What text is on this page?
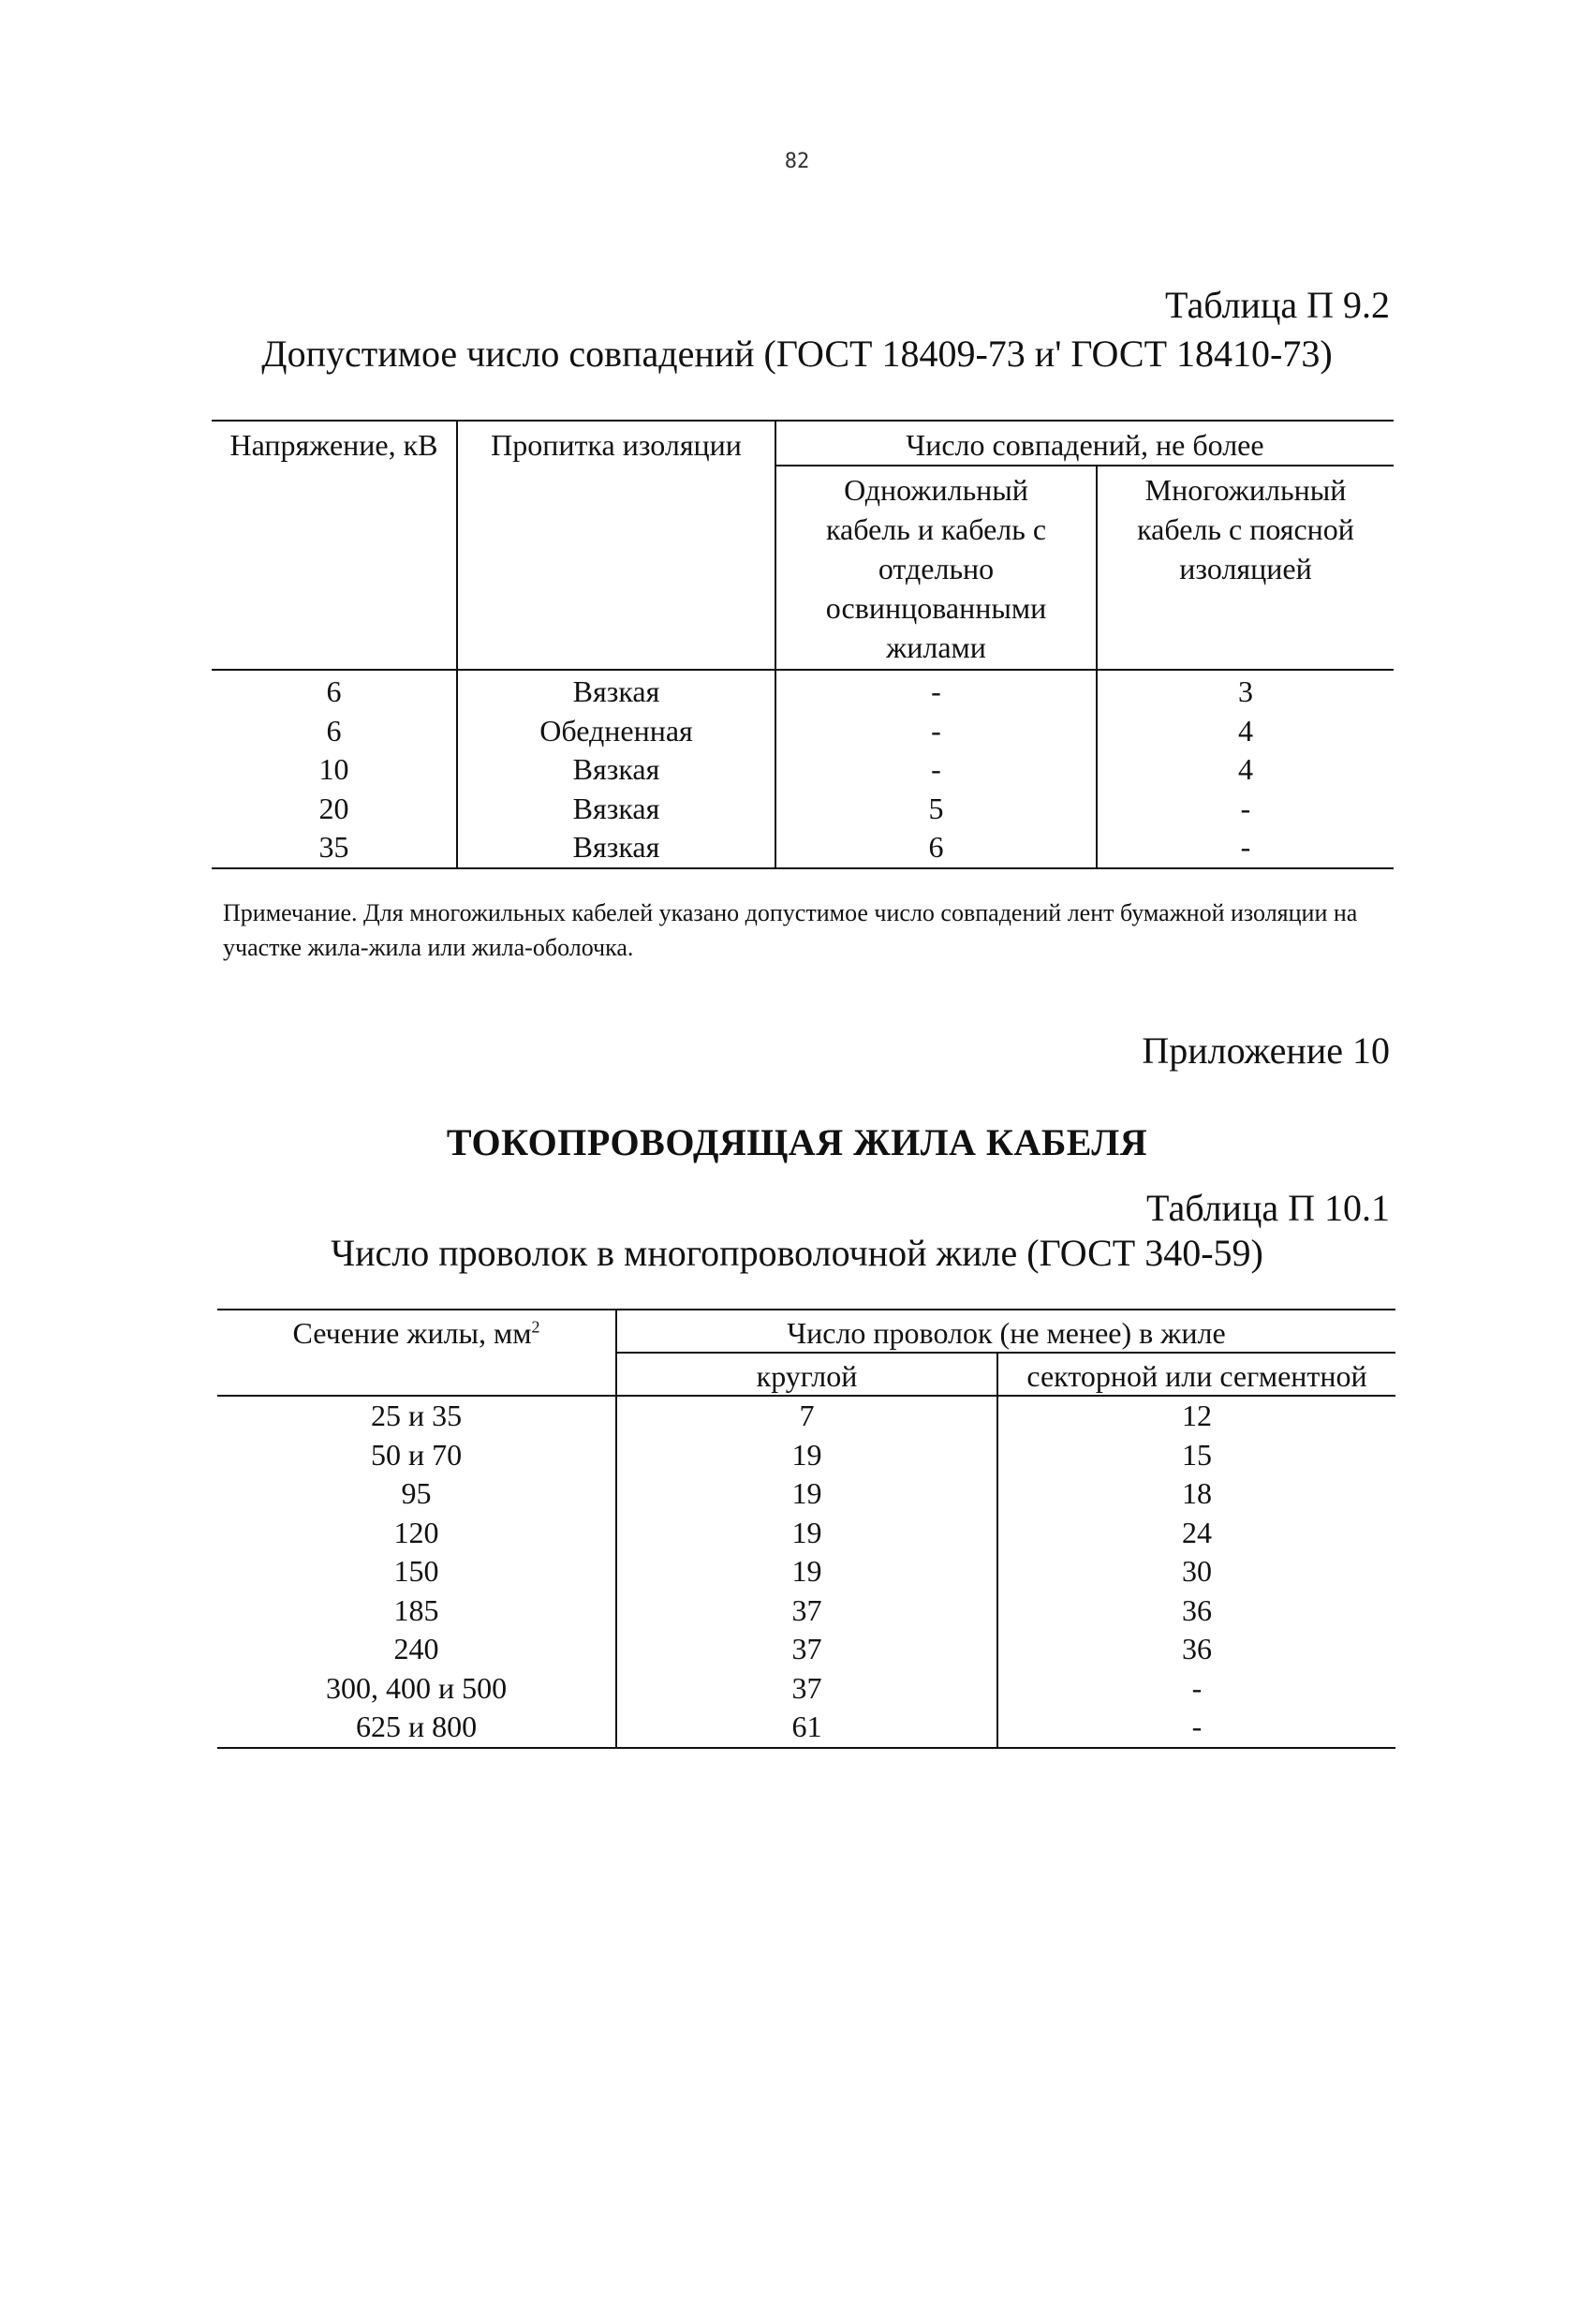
82
Таблица П 9.2
Допустимое число совпадений (ГОСТ 18409-73 и' ГОСТ 18410-73)
Напряжение, кВ	Пропитка изоляции	Число совпадений, не более	
		Одножильный кабель и кабель с отдельно освинцованными жилами	Многожильный кабель с поясной изоляцией
6	Вязкая	-	3
6	Обедненная	-	4
10	Вязкая	-	4
20	Вязкая	5	-
35	Вязкая	6	-
Примечание. Для многожильных кабелей указано допустимое число совпадений лент бумажной изоляции на участке жила-жила или жила-оболочка.
Приложение 10
ТОКОПРОВОДЯЩАЯ ЖИЛА КАБЕЛЯ
Таблица П 10.1
Число проволок в многопроволочной жиле (ГОСТ 340-59)
Сечение жилы, $мм^2$	Число проволок (не менее) в жиле	
	круглой	секторной или сегментной
25 и 35	7	12
50 и 70	19	15
95	19	18
120	19	24
150	19	30
185	37	36
240	37	36
300, 400 и 500	37	-
625 и 800	61	-
